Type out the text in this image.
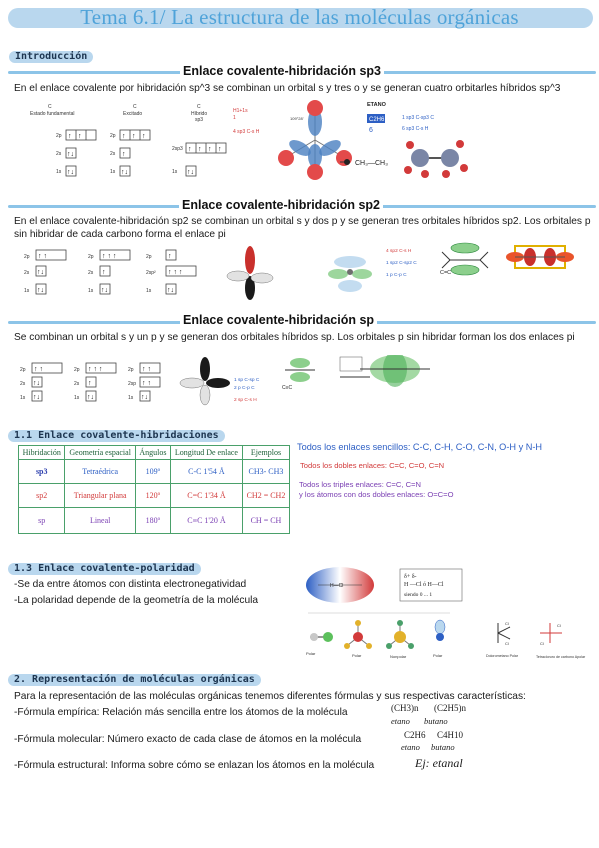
Tema 6.1/ La estructura de las moléculas orgánicas
Introducción
Enlace covalente-hibridación sp3
En el enlace covalente por hibridación sp^3 se combinan un orbital s y tres o y se generan cuatro orbitarles híbridos sp^3
C
Estado fundamental
C
Excitado
C
Híbrido
sp3
2p
2s
1s
2p
2s
1s
2sp3
1s
↑ ↑
↑↓
↑↓
↑ ↑ ↑
↑
↑↓
↑ ↑ ↑ ↑
↑↓
H1+1s
1
4 sp3 C-s H
109°28'
ETANO
C2H6
6
1 sp3 C-sp3 C
6 sp3 C-s H
CH₃—CH₃
Enlace covalente-hibridación sp2
En el enlace covalente-hibridación sp2 se combinan un orbital s y dos p y se generan tres orbitales híbridos sp2. Los orbitales p sin hibridar de cada carbono forma el enlace pi
↑ ↑
↑↓
↑↓
↑ ↑ ↑
↑
↑↓
↑
↑ ↑ ↑
↑↓
2p
2s
1s
2p
2s
1s
2p
2sp²
1s
4 sp2 C-s H
1 sp2 C-sp2 C
1 p C-p C	C=C
Enlace covalente-hibridación sp
Se combinan un orbital s y un p y se generan dos orbitales híbridos sp. Los orbitales p sin hibridar forman los dos enlaces pi
↑ ↑
↑↓
↑↓
↑ ↑ ↑
↑
↑↓
↑ ↑
↑ ↑
↑↓
2p
2s
1s
2p
2s
1s
2p
2sp
1s
1 sp C-sp C
2 p C-p C
2 sp C-s H
C≡C
1.1 Enlace covalente-hibridaciones
Hibridación	Geometría espacial	Ángulos	Longitud De enlace	Ejemplos
sp3	Tetraédrica	109º	C-C 1'54 Å	CH3- CH3
sp2	Triangular plana	120º	C=C 1'34 Å	CH2 = CH2
sp	Lineal	180º	C≡C 1'20 Å	CH = CH
Todos los enlaces sencillos: C-C, C-H, C-O, C-N, O-H y N-H
Todos los dobles enlaces: C=C, C=O, C=N
Todos los triples enlaces: C=C, C=N
y los átomos con dos dobles enlaces: O=C=O
1.3 Enlace covalente-polaridad
-Se da entre átomos con distinta electronegatividad
-La polaridad depende de la geometría de la molécula
H—Cl
δ+ δ-
H —Cl ó H—Cl
siendo 0 ... 1
Polar	Polar	Nonpolar	Polar
Cl
Cl
Dolorometano Polar
Cl
Cl
Tetracloruro de carbono Apolar
2. Representación de moléculas orgánicas
Para la representación de las moléculas orgánicas tenemos diferentes fórmulas y sus respectivas características:
-Fórmula empírica: Relación más sencilla entre los átomos de la molécula	(CH3)n (C2H5)n
etano butano
-Fórmula molecular: Número exacto de cada clase de átomos en la molécula	C2H6 C4H10
etano butano
-Fórmula estructural: Informa sobre cómo se enlazan los átomos en la molécula	Ej: etanal
